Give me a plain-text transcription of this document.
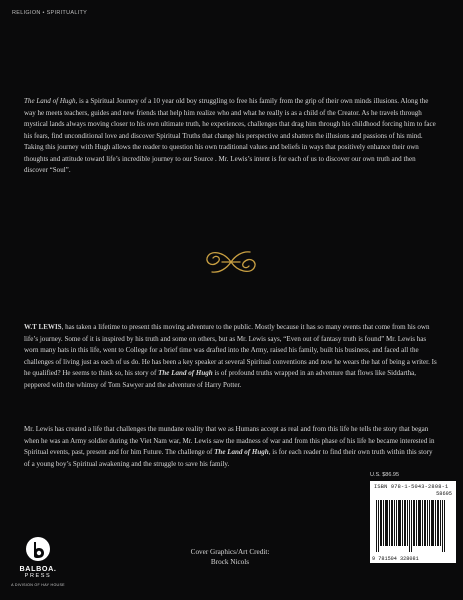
RELIGION • SPIRITUALITY

The Land of Hugh, is a Spiritual Journey of a 10 year old boy struggling to free his family from the grip of their own minds illusions. Along the way he meets teachers, guides and new friends that help him realize who and what he really is as a child of the Creator. As he travels through mystical lands always moving closer to his own ultimate truth, he experiences, challenges that drag him through his childhood forcing him to face his fears, find unconditional love and discover Spiritual Truths that change his perspective and shatters the illusions and passions of his mind. Taking this journey with Hugh allows the reader to question his own traditional values and beliefs in ways that positively enhance their own thoughts and attitude toward life’s incredible journey to our Source . Mr. Lewis’s intent is for each of us to discover our own truth and then discover “Soul”.

W.T LEWIS, has taken a lifetime to present this moving adventure to the public. Mostly because it has so many events that come from his own life’s journey. Some of it is inspired by his truth and some on others, but as Mr. Lewis says, “Even out of fantasy truth is found” Mr. Lewis has worn many hats in this life, went to College for a brief time was drafted into the Army, raised his family, built his business, and faced all the challenges of living just as each of us do. He has been a key speaker at several Spiritual conventions and now he wears the hat of being a writer. Is he qualified? He seems to think so, his story of The Land of Hugh is of profound truths wrapped in an adventure that flows like Siddartha, peppered with the whimsy of Tom Sawyer and the adventure of Harry Potter.

Mr. Lewis has created a life that challenges the mundane reality that we as Humans accept as real and from this life he tells the story that began when he was an Army soldier during the Viet Nam war, Mr. Lewis saw the madness of war and from this phase of his life he became interested in Spiritual events, past, present and for him Future. The challenge of The Land of Hugh, is for each reader to find their own truth within this story of a young boy’s Spiritual awakening and the struggle to save his family.

Cover Graphics/Art Credit:
Brock Nicols
BALBOA.
PRESS
A DIVISION OF HAY HOUSE
U.S. $86.95
ISBN 978-1-5043-2808-1
58695
9 781504 328081
